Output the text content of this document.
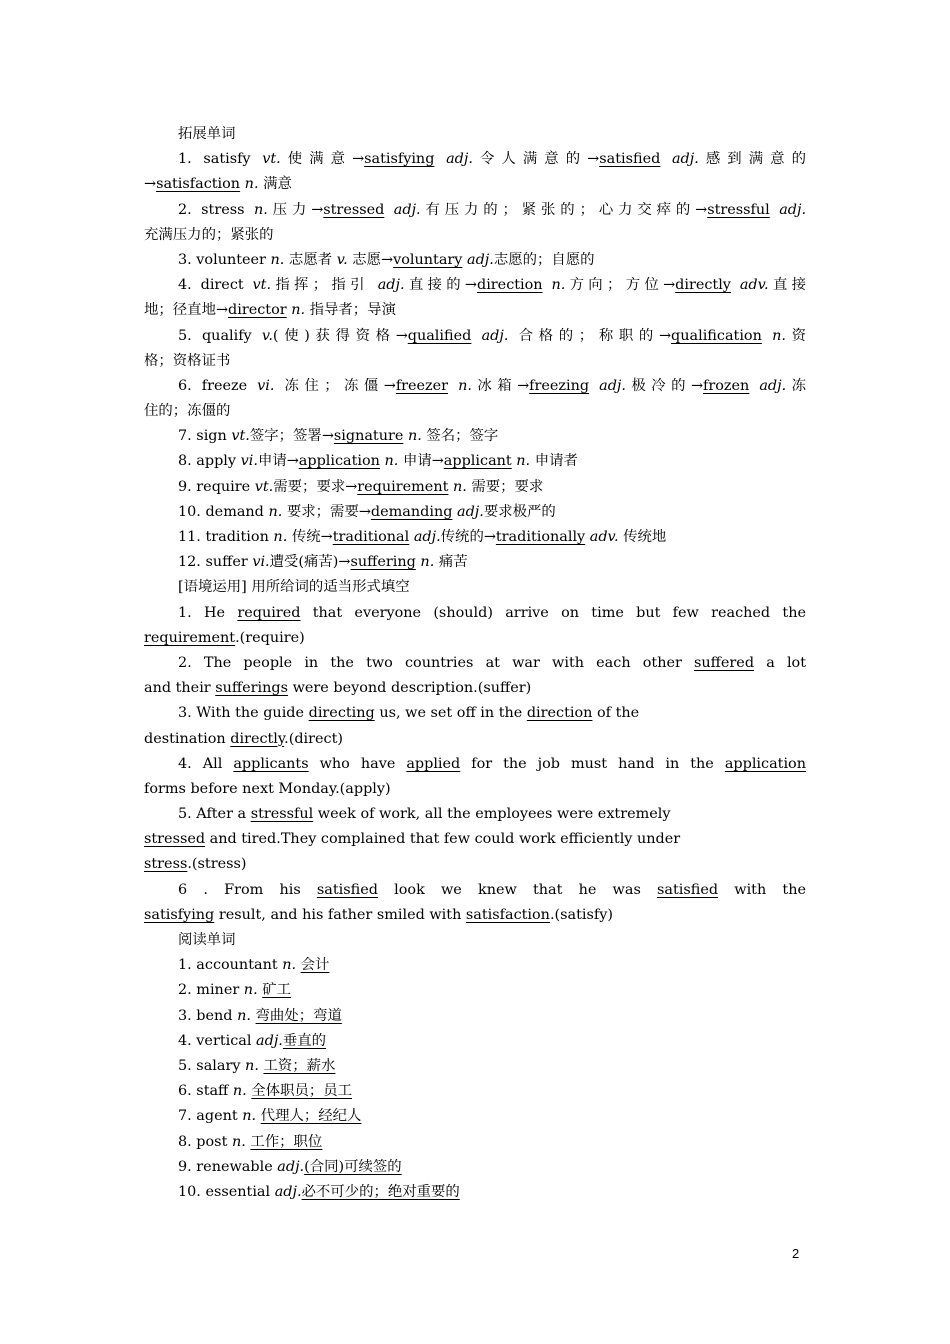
拓展单词
1. satisfy vt.使满意→satisfying adj.令人满意的→satisfied adj.感到满意的
→satisfaction n. 满意
2. stress n.压力→stressed adj.有压力的；紧张的；心力交瘁的→stressful adj.
充满压力的；紧张的
3. volunteer n. 志愿者 v. 志愿→voluntary adj.志愿的；自愿的
4. direct vt.指挥；指引 adj.直接的→direction n.方向；方位→directly adv.直接
地；径直地→director n. 指导者；导演
5. qualify v.(使)获得资格→qualified adj. 合格的；称职的→qualification n.资
格；资格证书
6. freeze vi. 冻住；冻僵→freezer n.冰箱→freezing adj.极冷的→frozen adj.冻
住的；冻僵的
7. sign vt.签字；签署→signature n. 签名；签字
8. apply vi.申请→application n. 申请→applicant n. 申请者
9. require vt.需要；要求→requirement n. 需要；要求
10. demand n. 要求；需要→demanding adj.要求极严的
11. tradition n. 传统→traditional adj.传统的→traditionally adv. 传统地
12. suffer vi.遭受(痛苦)→suffering n. 痛苦
[语境运用] 用所给词的适当形式填空
1. He required that everyone (should) arrive on time but few reached the
requirement.(require)
2. The people in the two countries at war with each other suffered a lot
and their sufferings were beyond description.(suffer)
3. With the guide directing us, we set off in the direction of the
destination directly.(direct)
4. All applicants who have applied for the job must hand in the application
forms before next Monday.(apply)
5. After a stressful week of work, all the employees were extremely
stressed and tired.They complained that few could work efficiently under
stress.(stress)
6 . From his satisfied look we knew that he was satisfied with the
satisfying result, and his father smiled with satisfaction.(satisfy)
阅读单词
1. accountant n. 会计
2. miner n. 矿工
3. bend n. 弯曲处；弯道
4. vertical adj.垂直的
5. salary n. 工资；薪水
6. staff n. 全体职员；员工
7. agent n. 代理人；经纪人
8. post n. 工作；职位
9. renewable adj.(合同)可续签的
10. essential adj.必不可少的；绝对重要的
2
